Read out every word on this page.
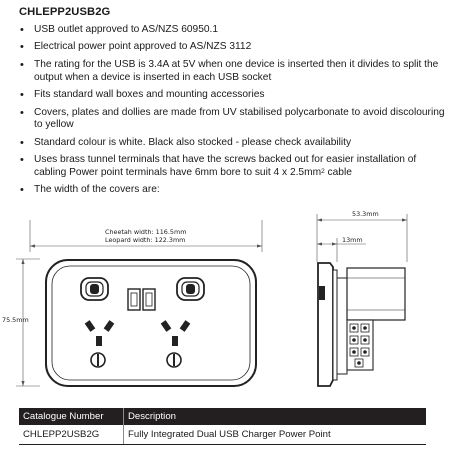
CHLEPP2USB2G
• USB outlet approved to AS/NZS 60950.1
• Electrical power point approved to AS/NZS 3112
• The rating for the USB is 3.4A at 5V when one device is inserted then it divides to split the output when a device is inserted in each USB socket
• Fits standard wall boxes and mounting accessories
• Covers, plates and dollies are made from UV stabilised polycarbonate to avoid discolouring to yellow
• Standard colour is white. Black also stocked - please check availability
• Uses brass tunnel terminals that have the screws backed out for easier installation of cabling Power point terminals have 6mm bore to suit 4 x $2.5mm^2$ cable
• The width of the covers are:
Cheetah width: 116.5mm
Leopard width: 122.3mm
75.5mm
53.3mm
13mm
Catalogue Number	Description
CHLEPP2USB2G	Fully Integrated Dual USB Charger Power Point
